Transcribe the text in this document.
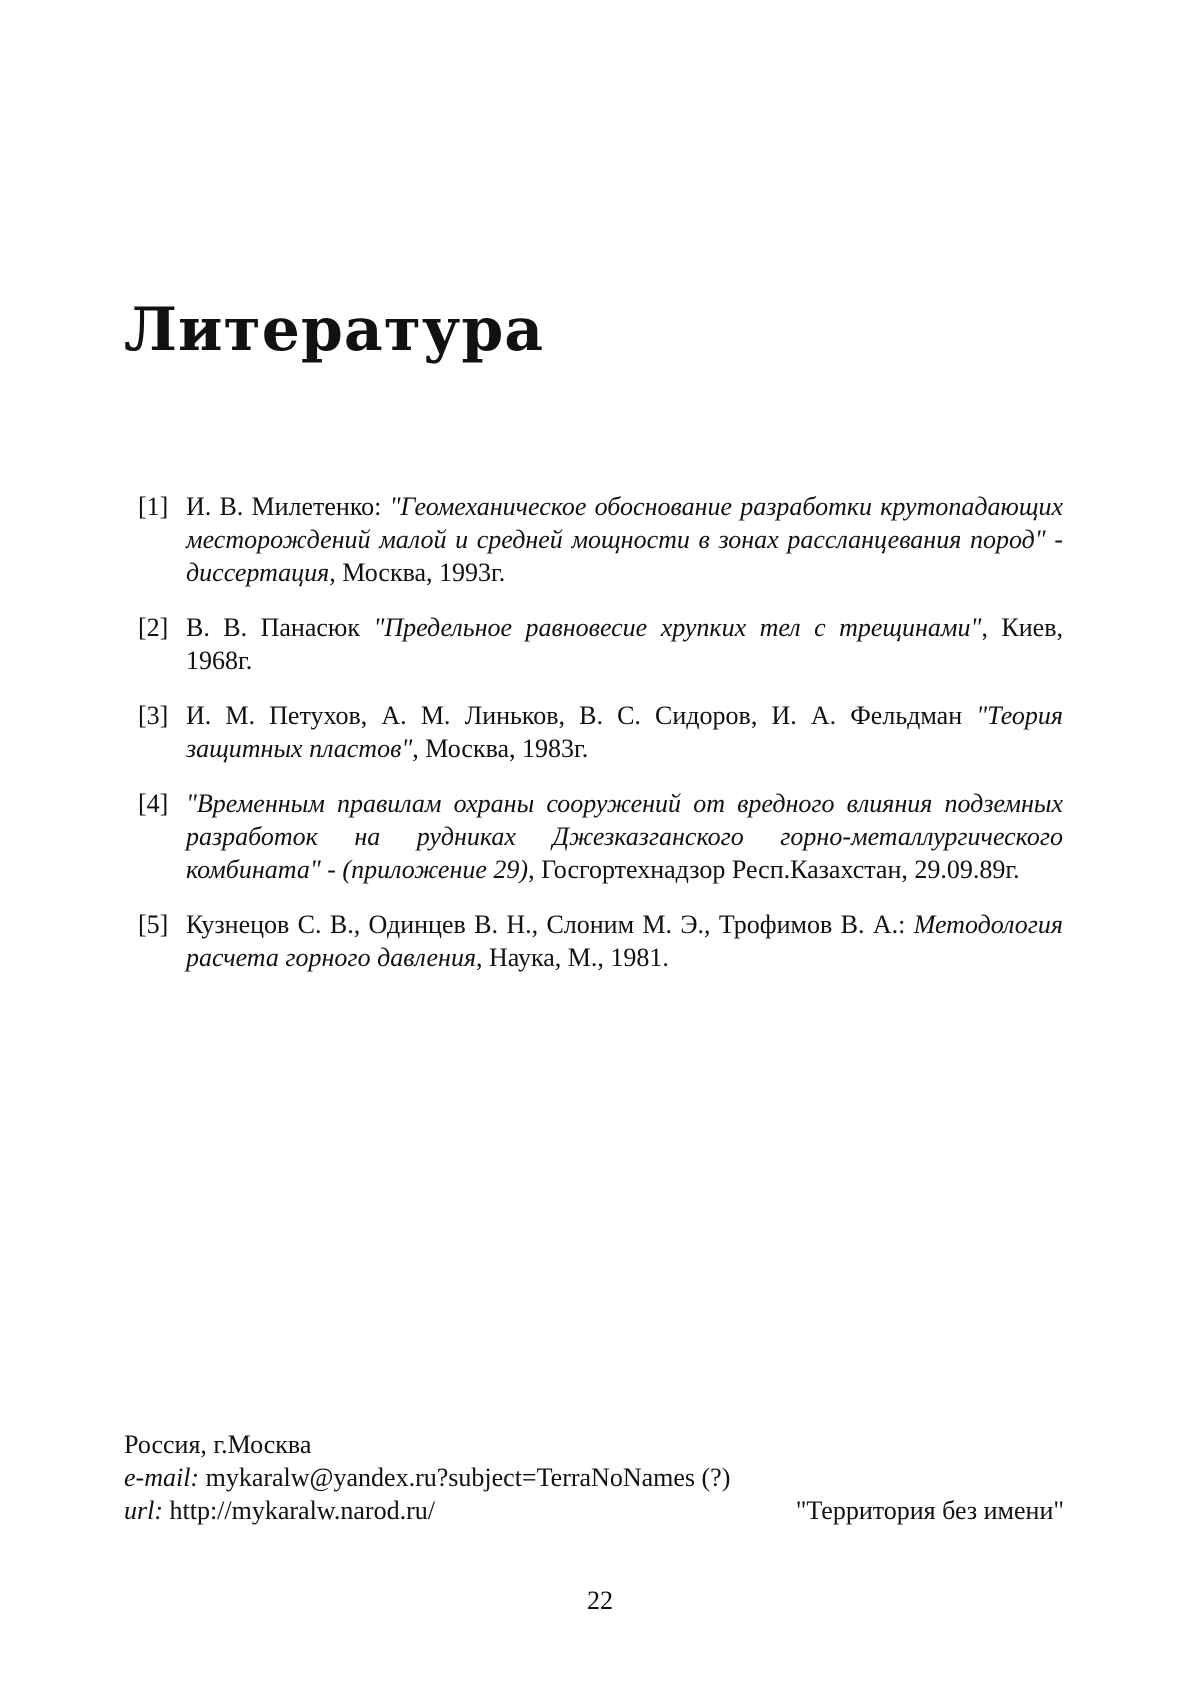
Литература
[1] И. В. Милетенко: "Геомеханическое обоснование разработки крутопадающих месторождений малой и средней мощности в зонах рассланцевания пород" - диссертация, Москва, 1993г.
[2] В. В. Панасюк "Предельное равновесие хрупких тел с трещинами", Киев, 1968г.
[3] И. М. Петухов, А. М. Линьков, В. С. Сидоров, И. А. Фельдман "Теория защитных пластов", Москва, 1983г.
[4] "Временным правилам охраны сооружений от вредного влияния подземных разработок на рудниках Джезказганского горно-металлургического комбината" - (приложение 29), Госгортехнадзор Респ.Казахстан, 29.09.89г.
[5] Кузнецов С. В., Одинцев В. Н., Слоним М. Э., Трофимов В. А.: Методология расчета горного давления, Наука, М., 1981.
Россия, г.Москва
e-mail: mykaralw@yandex.ru?subject=TerraNoNames (?)
url: http://mykaralw.narod.ru/	"Территория без имени"
22
